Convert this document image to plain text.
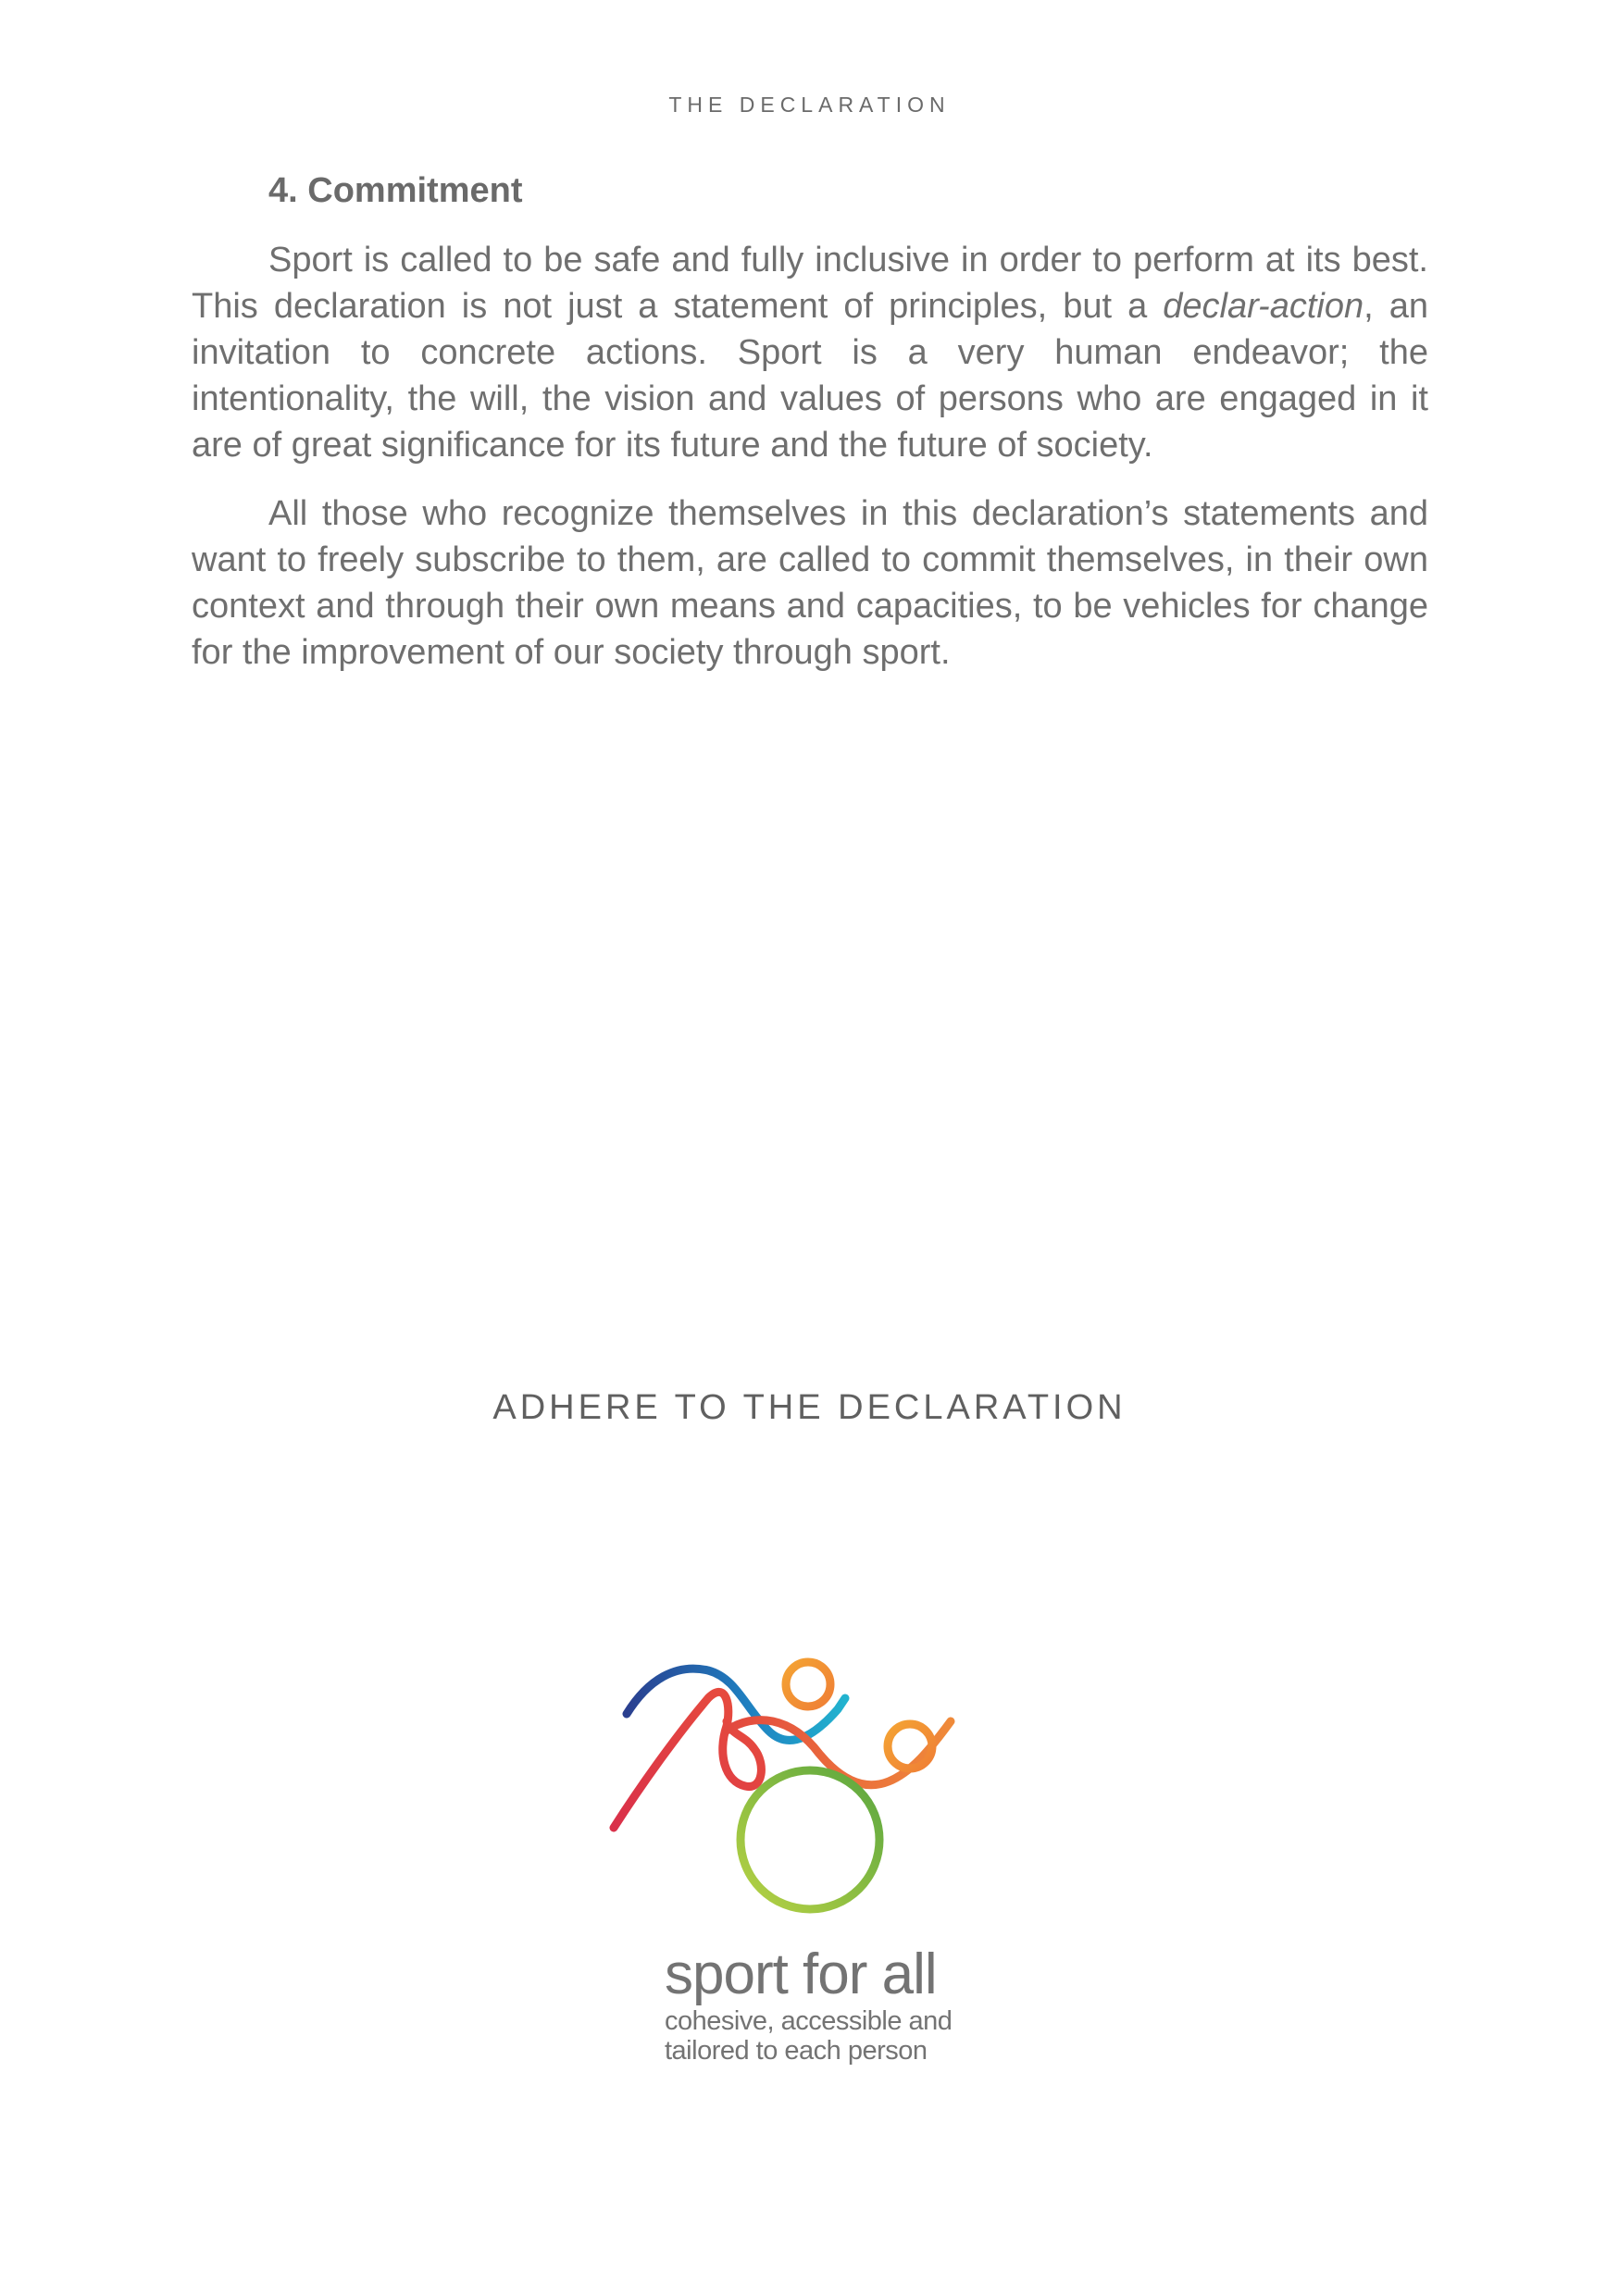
THE DECLARATION
4. Commitment

Sport is called to be safe and fully inclusive in order to perform at its best. This declaration is not just a statement of principles, but a declar-action, an invitation to concrete actions. Sport is a very human endeavor; the intentionality, the will, the vision and values of persons who are engaged in it are of great significance for its future and the future of society.

All those who recognize themselves in this declaration’s statements and want to freely subscribe to them, are called to commit themselves, in their own context and through their own means and capacities, to be vehicles for change for the improvement of our society through sport.

ADHERE TO THE DECLARATION
sport for all
cohesive, accessible and
tailored to each person
